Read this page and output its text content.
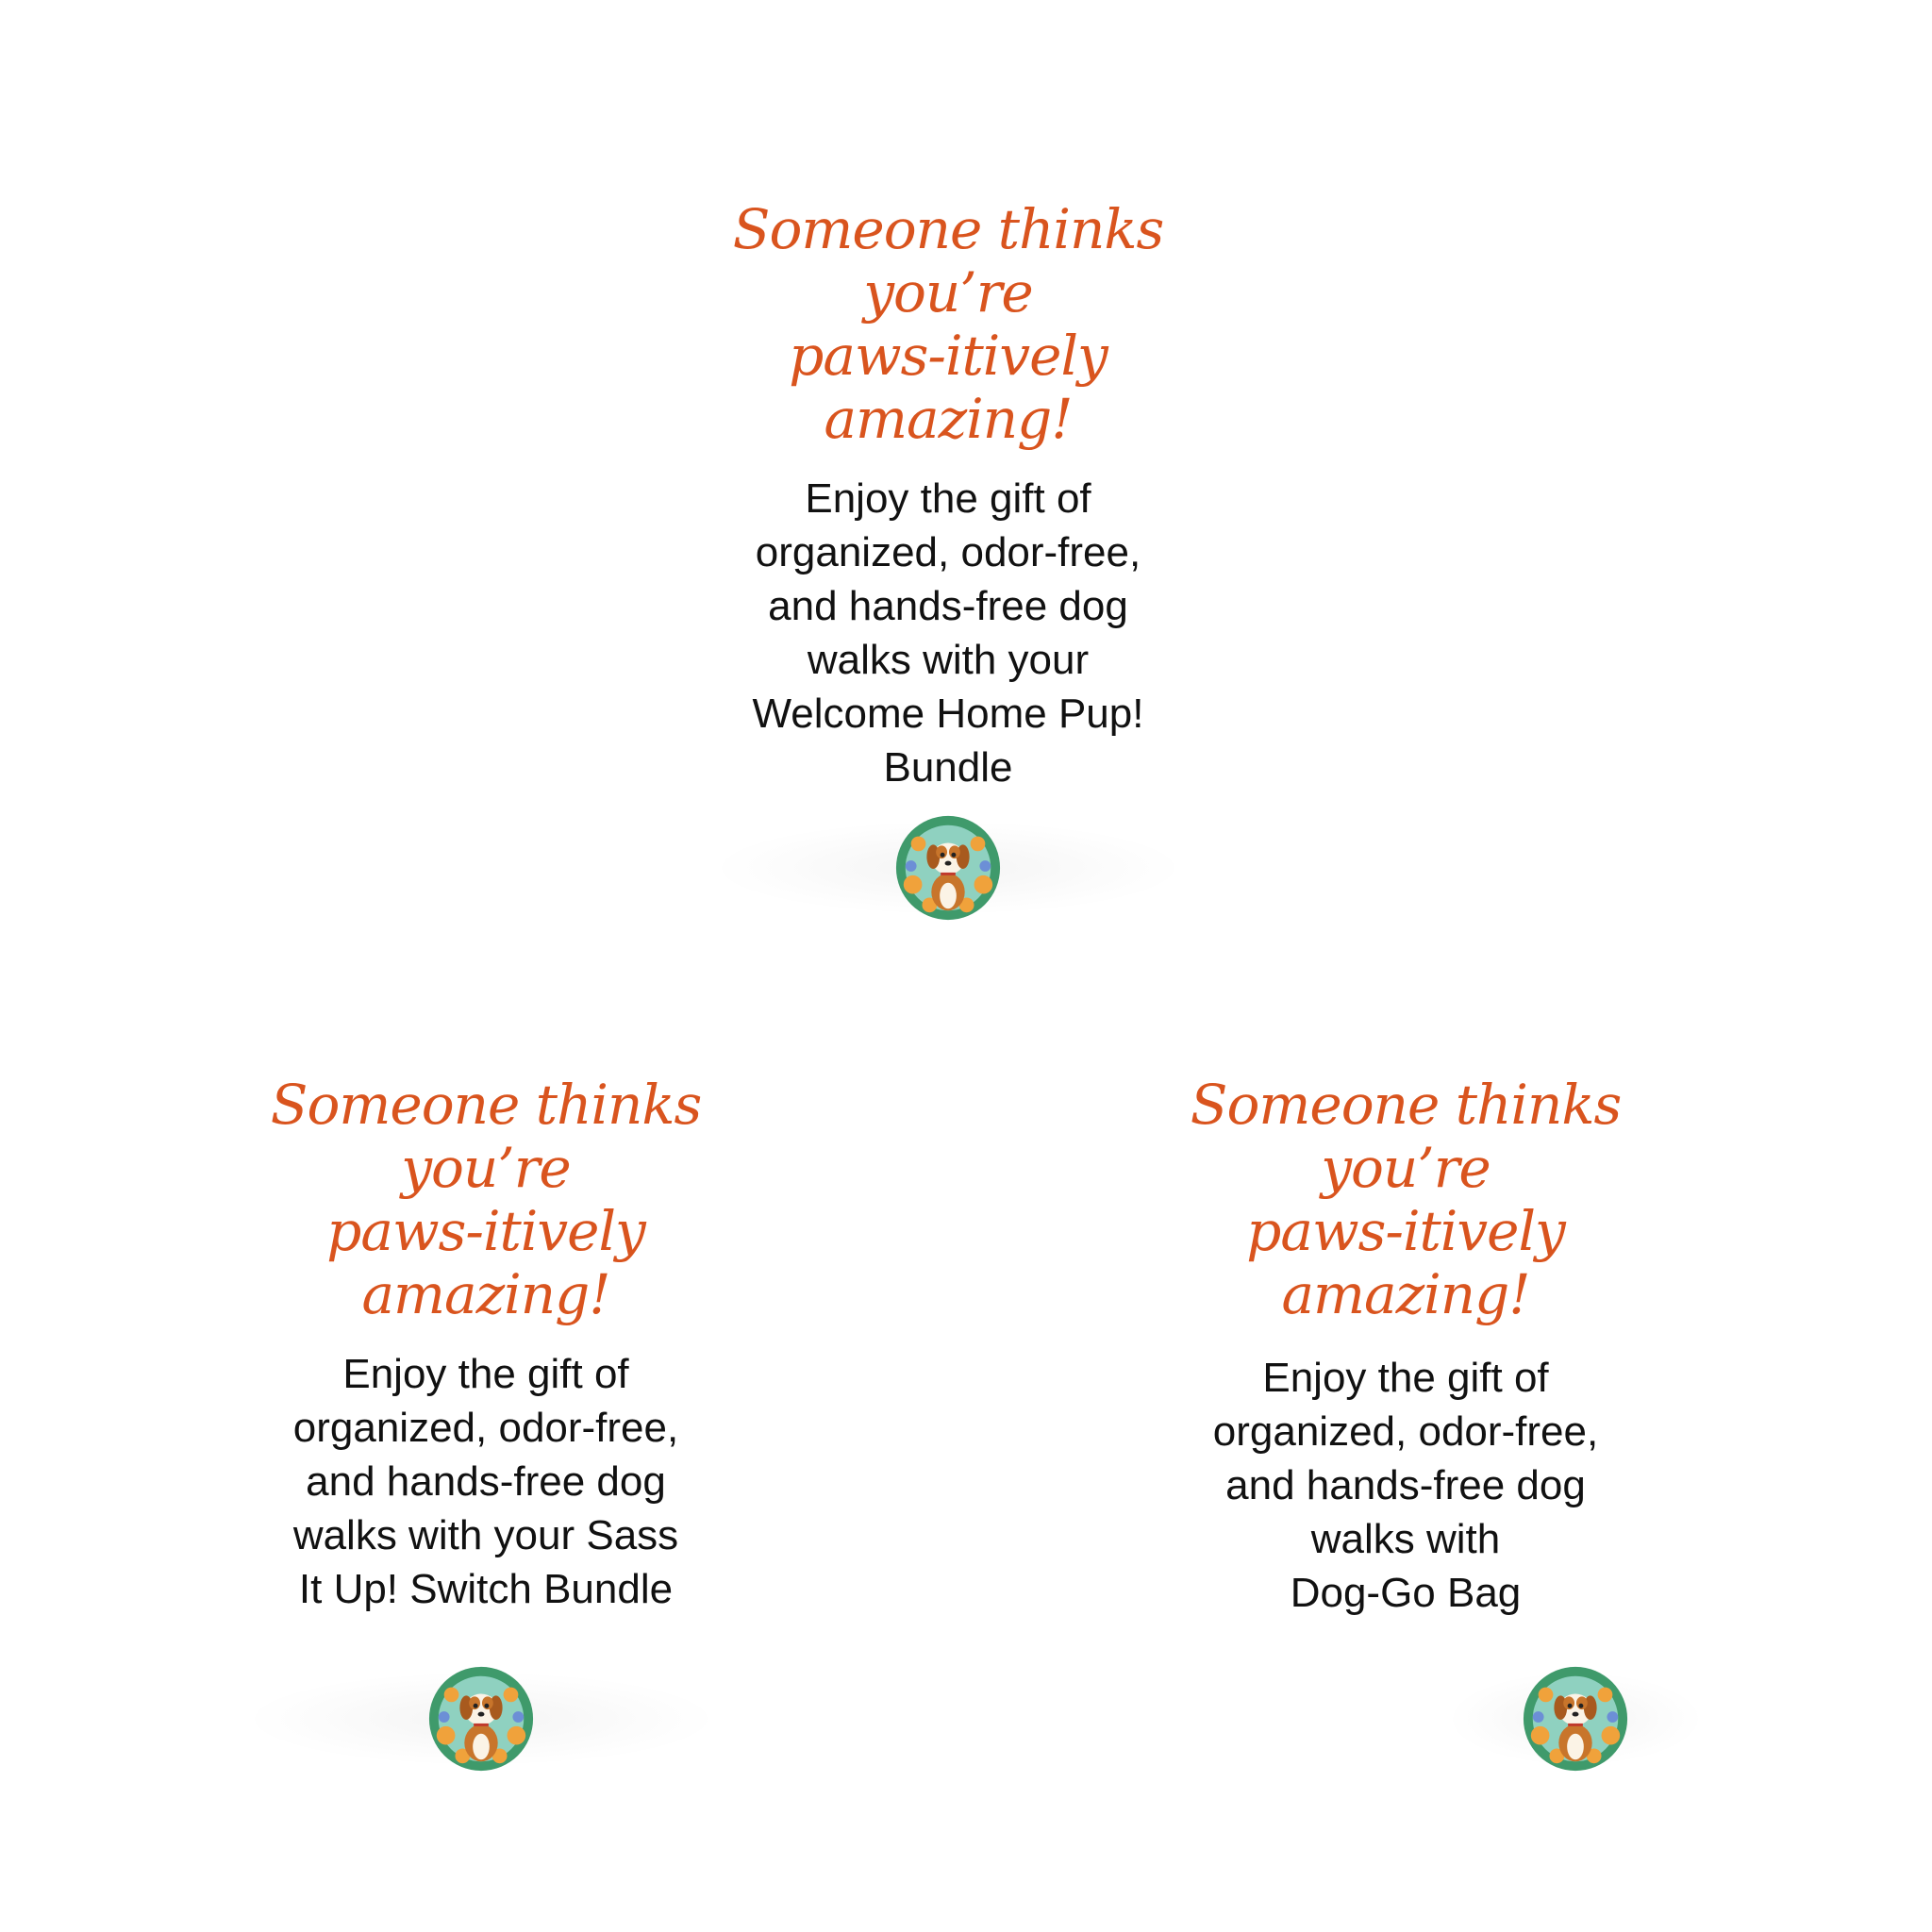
Someone thinks
you’re
paws-itively
amazing!

Enjoy the gift of
organized, odor-free,
and hands-free dog
walks with your
Welcome Home Pup!
Bundle

Someone thinks
you’re
paws-itively
amazing!

Enjoy the gift of
organized, odor-free,
and hands-free dog
walks with your Sass
It Up! Switch Bundle

Someone thinks
you’re
paws-itively
amazing!

Enjoy the gift of
organized, odor-free,
and hands-free dog
walks with
Dog-Go Bag
